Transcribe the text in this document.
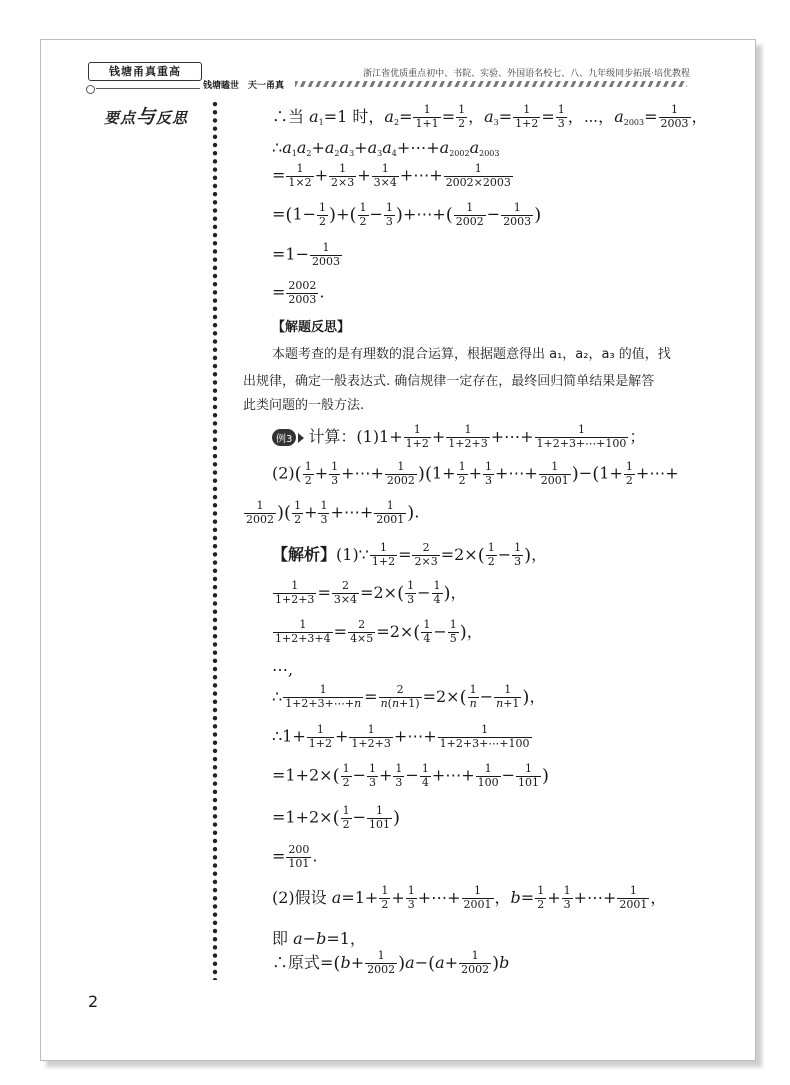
钱塘甬真重高
钱塘瞌世　天一甬真
浙江省优质重点初中、书院、实验、外国语名校七、八、九年级同步拓展·培优教程
要点与反思	∴当 $a_1=1$ 时，$a_2= \frac{1}{1+1} = \frac{1}{2}$ ，$a_3= \frac{1}{1+2} = \frac{1}{3}$ ，⋯，$a_{2003}= \frac{1}{2003}$ ，
$\therefore a_1a_2+a_2a_3+a_3a_4+\cdots+a_{2002}a_{2003}$
= $\frac{1}{1\times 2} + \frac{1}{2\times 3} + \frac{1}{3\times 4}$ +⋯+ $\frac{1}{2002\times 2003}$
$=(1- \frac{1}{2}$ )+( $\frac{1}{2} - \frac{1}{3}$ )+⋯+( $\frac{1}{2002} - \frac{1}{2003}$ )
$=1- \frac{1}{2003}$
= $\frac{2002}{2003}$ .
【解题反思】
本题考查的是有理数的混合运算，根据题意得出 a₁，a₂，a₃ 的值，找
出规律，确定一般表达式. 确信规律一定存在，最终回归简单结果是解答
此类问题的一般方法.
例3 计算：$(1)1+ \frac{1}{1+2} + \frac{1}{1+2+3}$ +⋯+ $\frac{1}{1+2+3+\cdots+100}$ ；
$(2)( \frac{1}{2} + \frac{1}{3}$ +⋯+ $\frac{1}{2002} )(1+ \frac{1}{2} + \frac{1}{3}$ +⋯+ $\frac{1}{2001} )-(1+ \frac{1}{2}$ +⋯+
$\frac{1}{2002}$ )( $\frac{1}{2} + \frac{1}{3}$ +⋯+ $\frac{1}{2001}$ ).
【解析】(1)∵ $\frac{1}{1+2} = \frac{2}{2\times 3} =2\times( \frac{1}{2} - \frac{1}{3}$ )，
$\frac{1}{1+2+3} = \frac{2}{3\times 4} =2\times( \frac{1}{3} - \frac{1}{4}$ )，
$\frac{1}{1+2+3+4} = \frac{2}{4\times 5} =2\times( \frac{1}{4} - \frac{1}{5}$ )，
⋯,
∴ $\frac{1}{1+2+3+\cdots+n} = \frac{2}{n(n+1)} =2\times( \frac{1}{n} - \frac{1}{n+1}$ )，
∴1+ $\frac{1}{1+2} + \frac{1}{1+2+3}$ +⋯+ $\frac{1}{1+2+3+\cdots+100}$
$=1+2\times( \frac{1}{2} - \frac{1}{3} + \frac{1}{3} - \frac{1}{4}$ +⋯+ $\frac{1}{100} - \frac{1}{101}$ )
$=1+2\times( \frac{1}{2} - \frac{1}{101}$ )
= $\frac{200}{101}$ .
(2)假设 $a=1+ \frac{1}{2} + \frac{1}{3}$ +⋯+ $\frac{1}{2001}$ ，$b= \frac{1}{2} + \frac{1}{3}$ +⋯+ $\frac{1}{2001}$ ，
即 a−b=1，
∴原式$=(b+ \frac{1}{2002} )a-(a+ \frac{1}{2002} )b$
2
